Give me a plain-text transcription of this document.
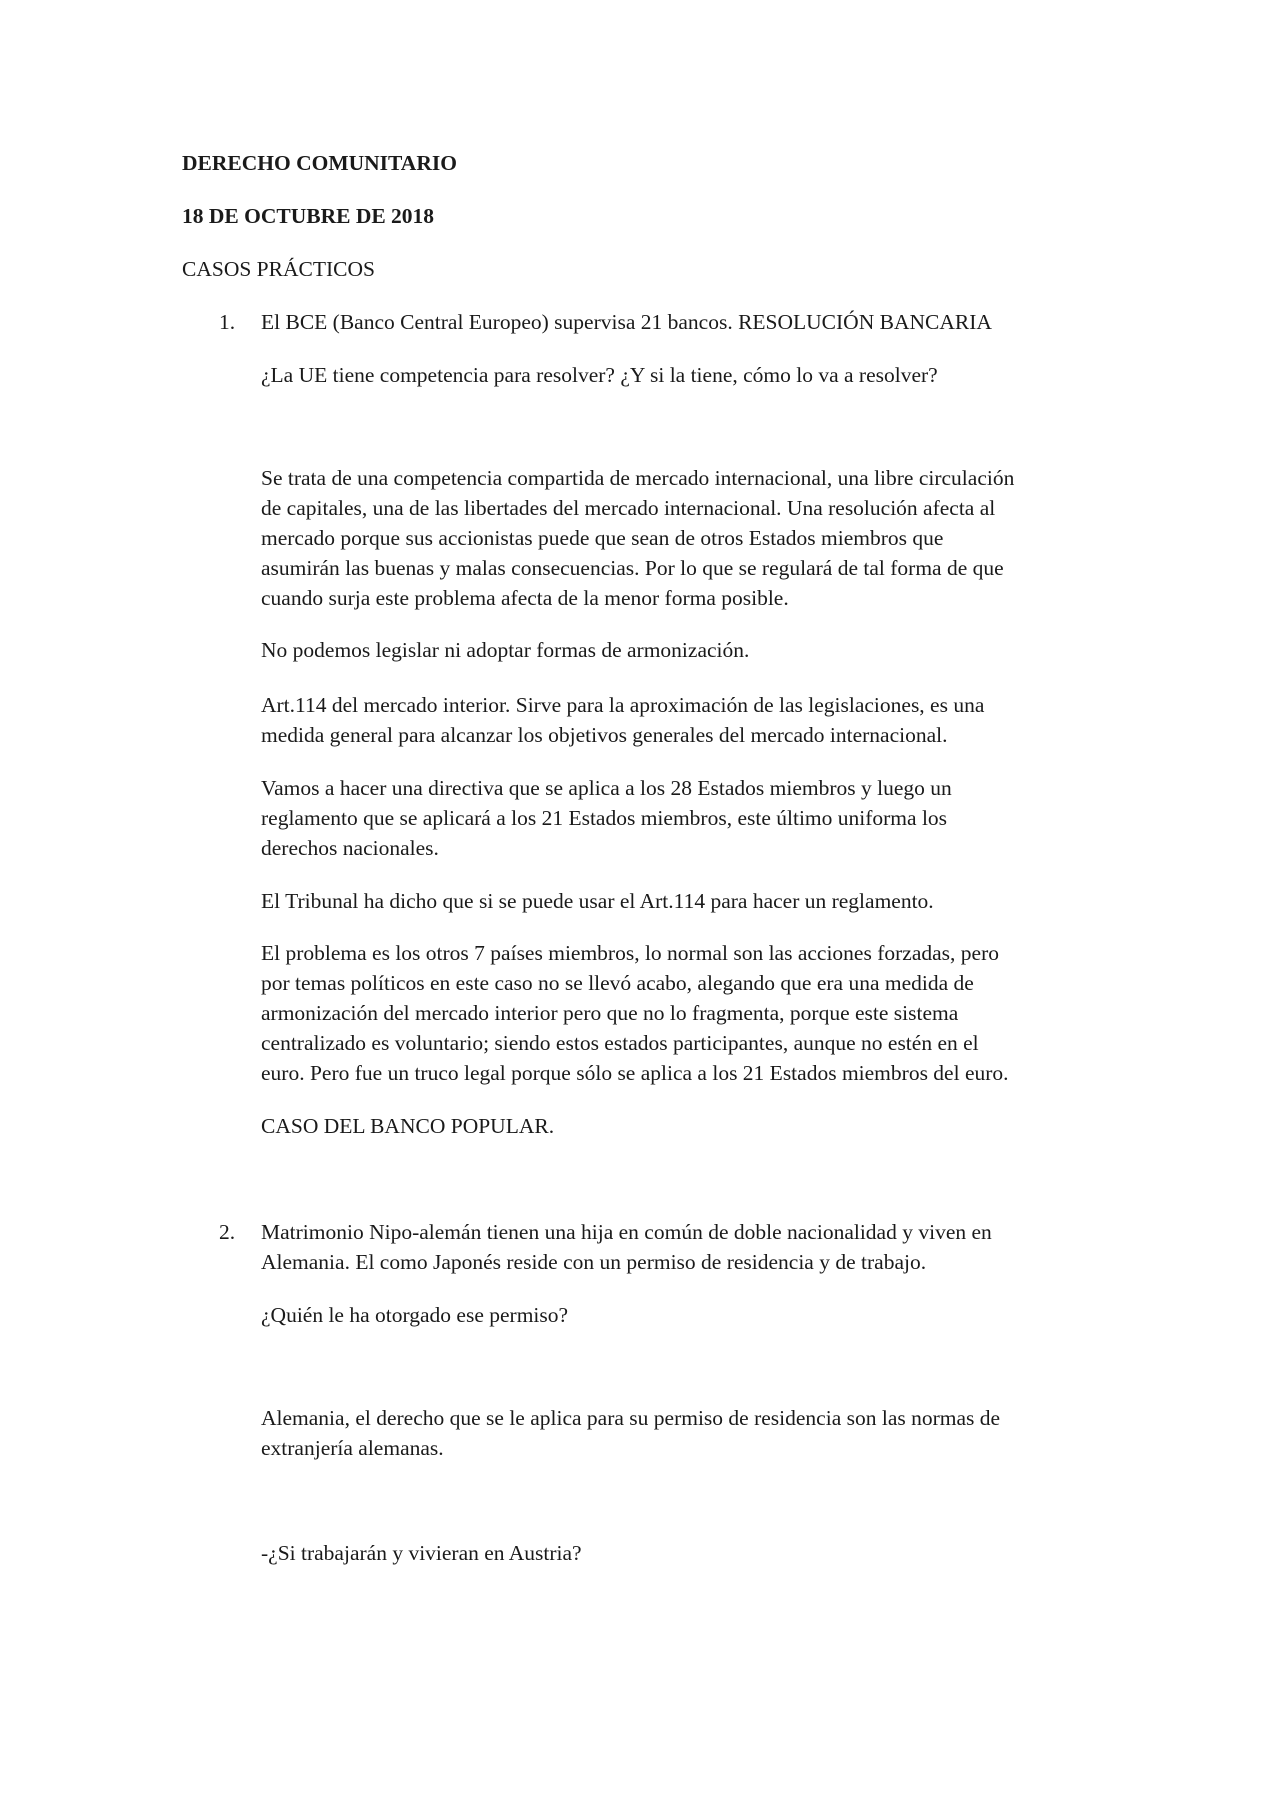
DERECHO COMUNITARIO

18 DE OCTUBRE DE 2018

CASOS PRÁCTICOS

1. El BCE (Banco Central Europeo) supervisa 21 bancos. RESOLUCIÓN BANCARIA

¿La UE tiene competencia para resolver? ¿Y si la tiene, cómo lo va a resolver?

Se trata de una competencia compartida de mercado internacional, una libre circulación
de capitales, una de las libertades del mercado internacional. Una resolución afecta al
mercado porque sus accionistas puede que sean de otros Estados miembros que
asumirán las buenas y malas consecuencias. Por lo que se regulará de tal forma de que
cuando surja este problema afecta de la menor forma posible.

No podemos legislar ni adoptar formas de armonización.

Art.114 del mercado interior. Sirve para la aproximación de las legislaciones, es una
medida general para alcanzar los objetivos generales del mercado internacional.
Vamos a hacer una directiva que se aplica a los 28 Estados miembros y luego un
reglamento que se aplicará a los 21 Estados miembros, este último uniforma los
derechos nacionales.

El Tribunal ha dicho que si se puede usar el Art.114 para hacer un reglamento.

El problema es los otros 7 países miembros, lo normal son las acciones forzadas, pero
por temas políticos en este caso no se llevó acabo, alegando que era una medida de
armonización del mercado interior pero que no lo fragmenta, porque este sistema
centralizado es voluntario; siendo estos estados participantes, aunque no estén en el
euro. Pero fue un truco legal porque sólo se aplica a los 21 Estados miembros del euro.

CASO DEL BANCO POPULAR.

2. Matrimonio Nipo-alemán tienen una hija en común de doble nacionalidad y viven en
Alemania. El como Japonés reside con un permiso de residencia y de trabajo.

¿Quién le ha otorgado ese permiso?

Alemania, el derecho que se le aplica para su permiso de residencia son las normas de
extranjería alemanas.

-¿Si trabajarán y vivieran en Austria?
